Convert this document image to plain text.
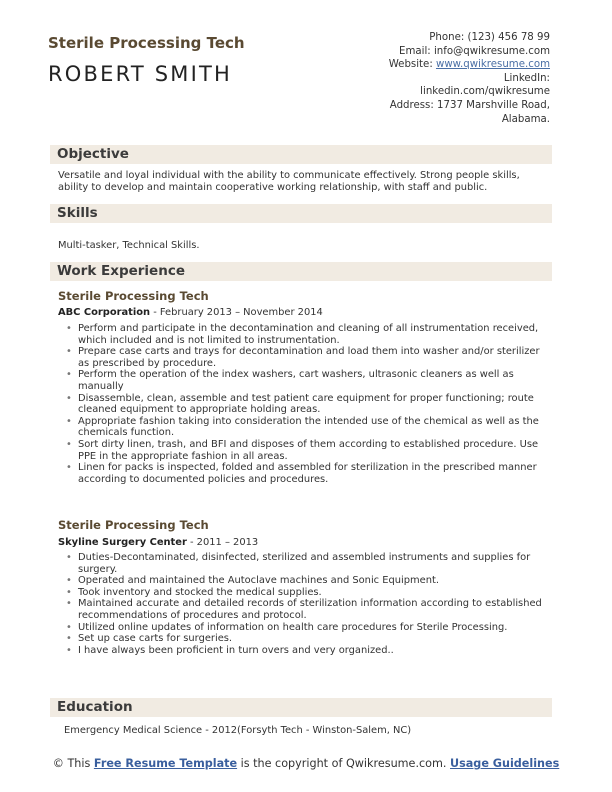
Sterile Processing Tech
ROBERT SMITH
Phone: (123) 456 78 99
Email: info@qwikresume.com
Website: www.qwikresume.com
LinkedIn:
linkedin.com/qwikresume
Address: 1737 Marshville Road,
Alabama.
Objective
Versatile and loyal individual with the ability to communicate effectively. Strong people skills, ability to develop and maintain cooperative working relationship, with staff and public.
Skills
Multi-tasker, Technical Skills.
Work Experience
Sterile Processing Tech
ABC Corporation - February 2013 – November 2014
• Perform and participate in the decontamination and cleaning of all instrumentation received, which included and is not limited to instrumentation.
• Prepare case carts and trays for decontamination and load them into washer and/or sterilizer as prescribed by procedure.
• Perform the operation of the index washers, cart washers, ultrasonic cleaners as well as manually
• Disassemble, clean, assemble and test patient care equipment for proper functioning; route cleaned equipment to appropriate holding areas.
• Appropriate fashion taking into consideration the intended use of the chemical as well as the chemicals function.
• Sort dirty linen, trash, and BFI and disposes of them according to established procedure. Use PPE in the appropriate fashion in all areas.
• Linen for packs is inspected, folded and assembled for sterilization in the prescribed manner according to documented policies and procedures.
Sterile Processing Tech
Skyline Surgery Center - 2011 – 2013
• Duties-Decontaminated, disinfected, sterilized and assembled instruments and supplies for surgery.
• Operated and maintained the Autoclave machines and Sonic Equipment.
• Took inventory and stocked the medical supplies.
• Maintained accurate and detailed records of sterilization information according to established recommendations of procedures and protocol.
• Utilized online updates of information on health care procedures for Sterile Processing.
• Set up case carts for surgeries.
• I have always been proficient in turn overs and very organized..
Education
Emergency Medical Science - 2012(Forsyth Tech - Winston-Salem, NC)
© This Free Resume Template is the copyright of Qwikresume.com. Usage Guidelines
